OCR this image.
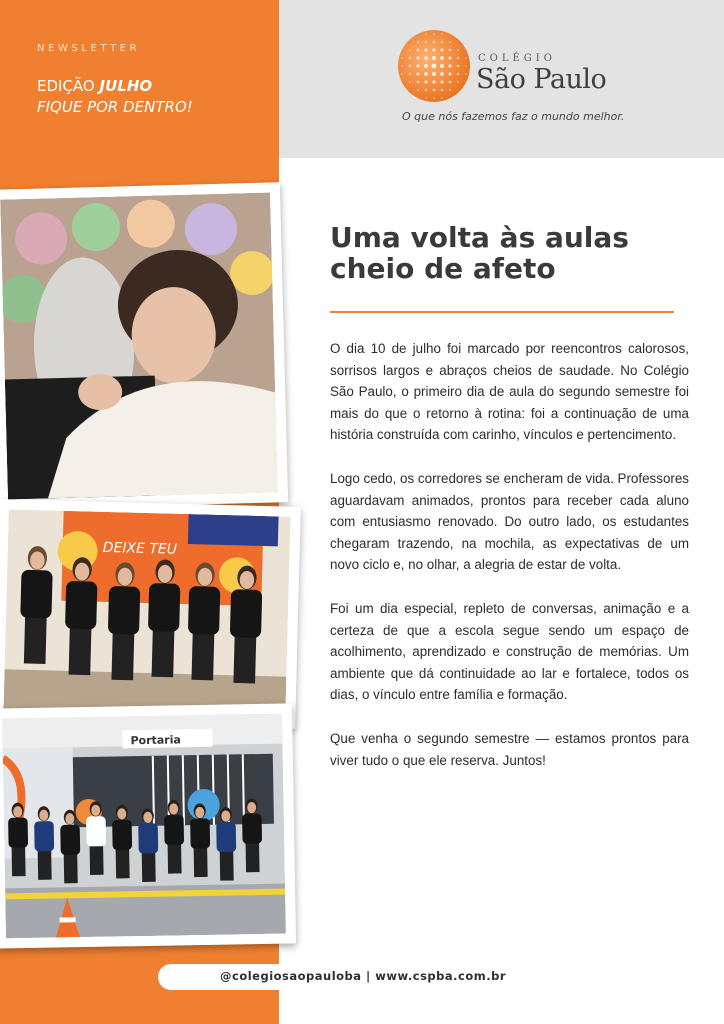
NEWSLETTER
EDIÇÃO JULHO
FIQUE POR DENTRO!
COLÉGIO
São Paulo
O que nós fazemos faz o mundo melhor.
Uma volta às aulas
cheio de afeto

O dia 10 de julho foi marcado por reencontros calorosos, sorrisos largos e abraços cheios de saudade. No Colégio São Paulo, o primeiro dia de aula do segundo semestre foi mais do que o retorno à rotina: foi a continuação de uma história construída com carinho, vínculos e pertencimento.

Logo cedo, os corredores se encheram de vida. Professores aguardavam animados, prontos para receber cada aluno com entusiasmo renovado. Do outro lado, os estudantes chegaram trazendo, na mochila, as expectativas de um novo ciclo e, no olhar, a alegria de estar de volta.

Foi um dia especial, repleto de conversas, animação e a certeza de que a escola segue sendo um espaço de acolhimento, aprendizado e construção de memórias. Um ambiente que dá continuidade ao lar e fortalece, todos os dias, o vínculo entre família e formação.

Que venha o segundo semestre — estamos prontos para viver tudo o que ele reserva. Juntos!

DEIXE TEU
Portaria
@colegiosaopauloba | www.cspba.com.br
